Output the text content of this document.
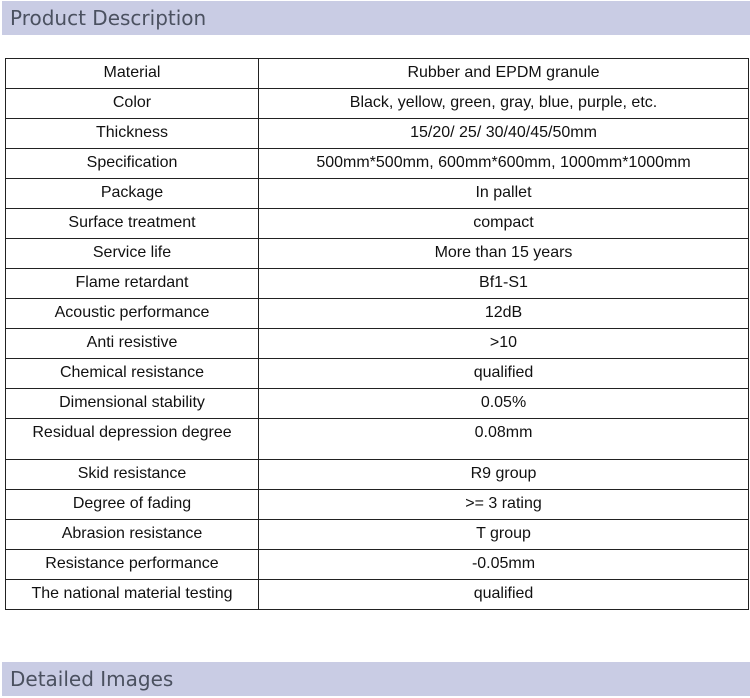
Product Description
Material	Rubber and EPDM granule
Color	Black, yellow, green, gray, blue, purple, etc.
Thickness	15/20/ 25/ 30/40/45/50mm
Specification	500mm*500mm, 600mm*600mm, 1000mm*1000mm
Package	In pallet
Surface treatment	compact
Service life	More than 15 years
Flame retardant	Bf1-S1
Acoustic performance	12dB
Anti resistive	>10
Chemical resistance	qualified
Dimensional stability	0.05%
Residual depression degree	0.08mm
Skid resistance	R9 group
Degree of fading	>= 3 rating
Abrasion resistance	T group
Resistance performance	-0.05mm
The national material testing	qualified
Detailed Images
